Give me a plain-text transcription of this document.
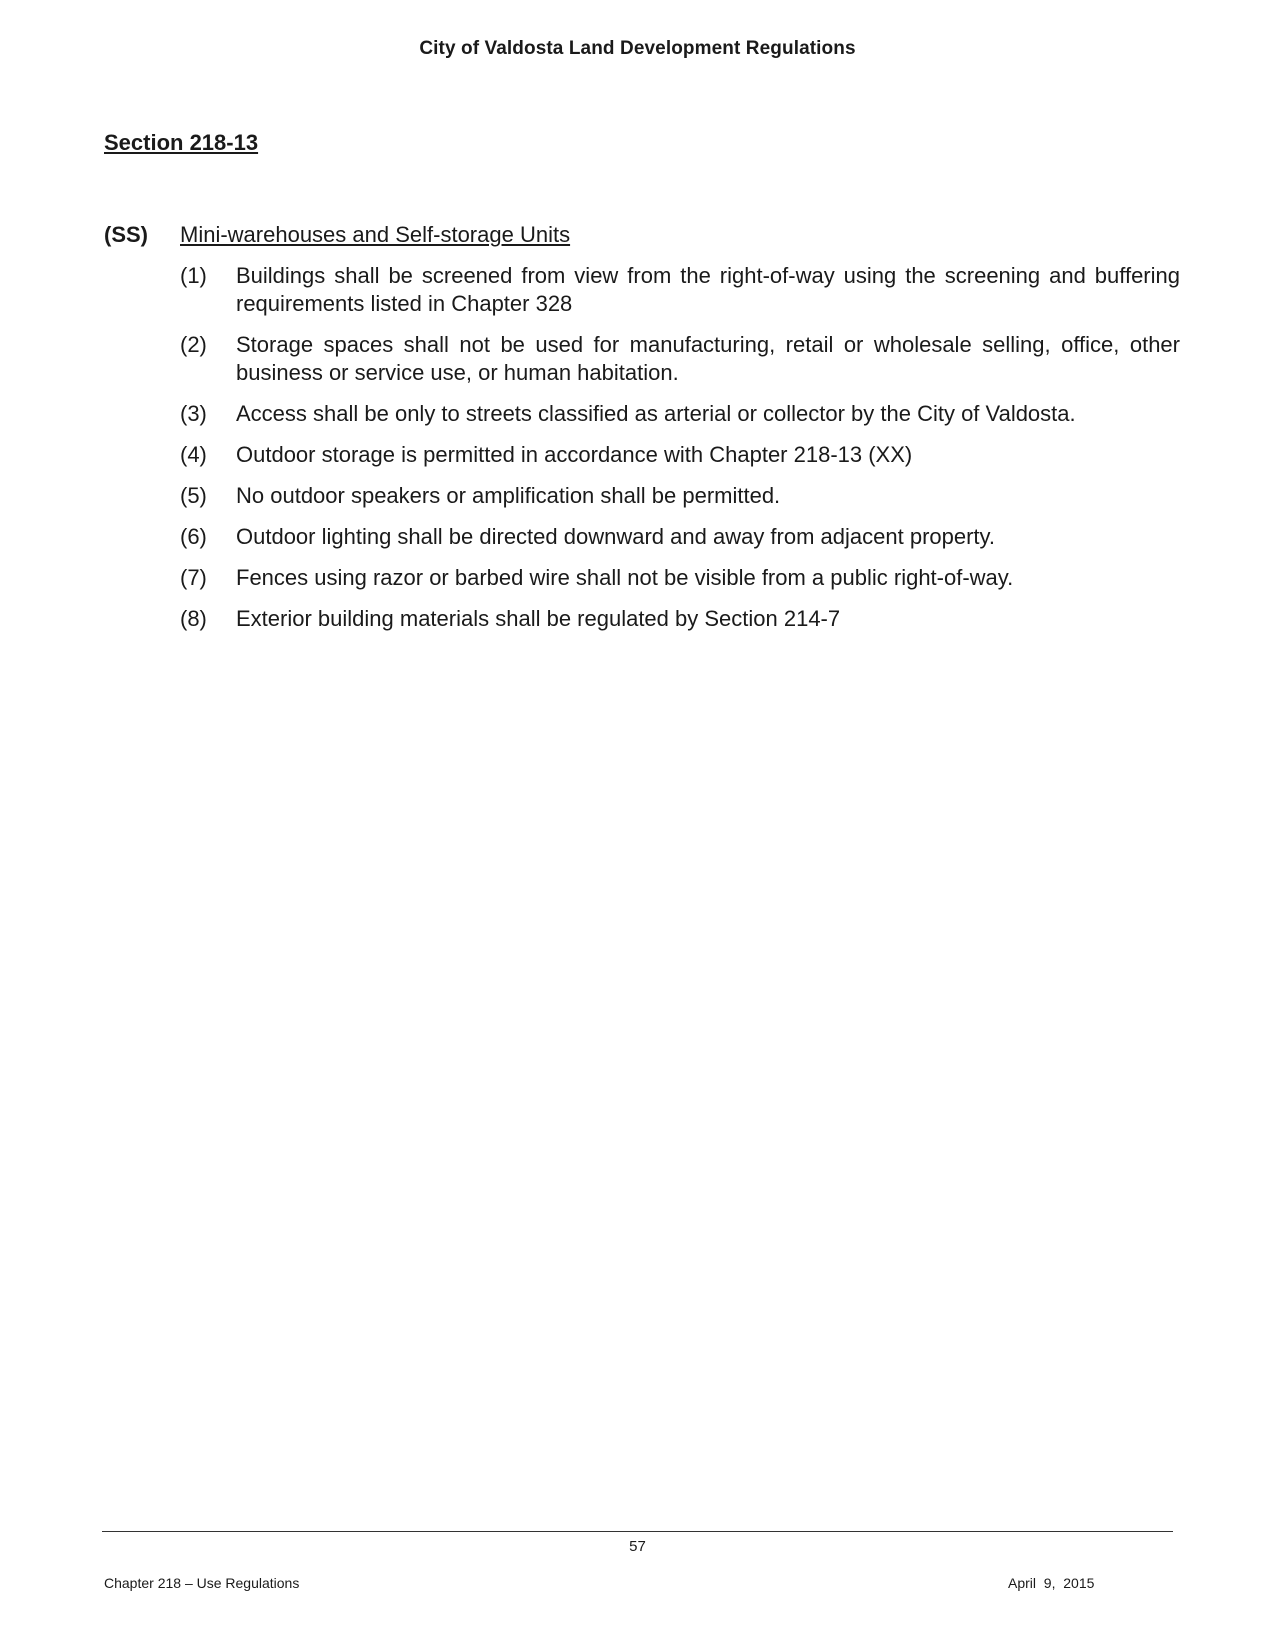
City of Valdosta Land Development Regulations
Section 218-13
(SS) Mini-warehouses and Self-storage Units
(1)	Buildings shall be screened from view from the right-of-way using the screening and buffering requirements listed in Chapter 328
(2)	Storage spaces shall not be used for manufacturing, retail or wholesale selling, office, other business or service use, or human habitation.
(3)	Access shall be only to streets classified as arterial or collector by the City of Valdosta.
(4)	Outdoor storage is permitted in accordance with Chapter 218-13 (XX)
(5)	No outdoor speakers or amplification shall be permitted.
(6)	Outdoor lighting shall be directed downward and away from adjacent property.
(7)	Fences using razor or barbed wire shall not be visible from a public right-of-way.
(8)	Exterior building materials shall be regulated by Section 214-7
57
Chapter 218 – Use Regulations	April  9,  2015
